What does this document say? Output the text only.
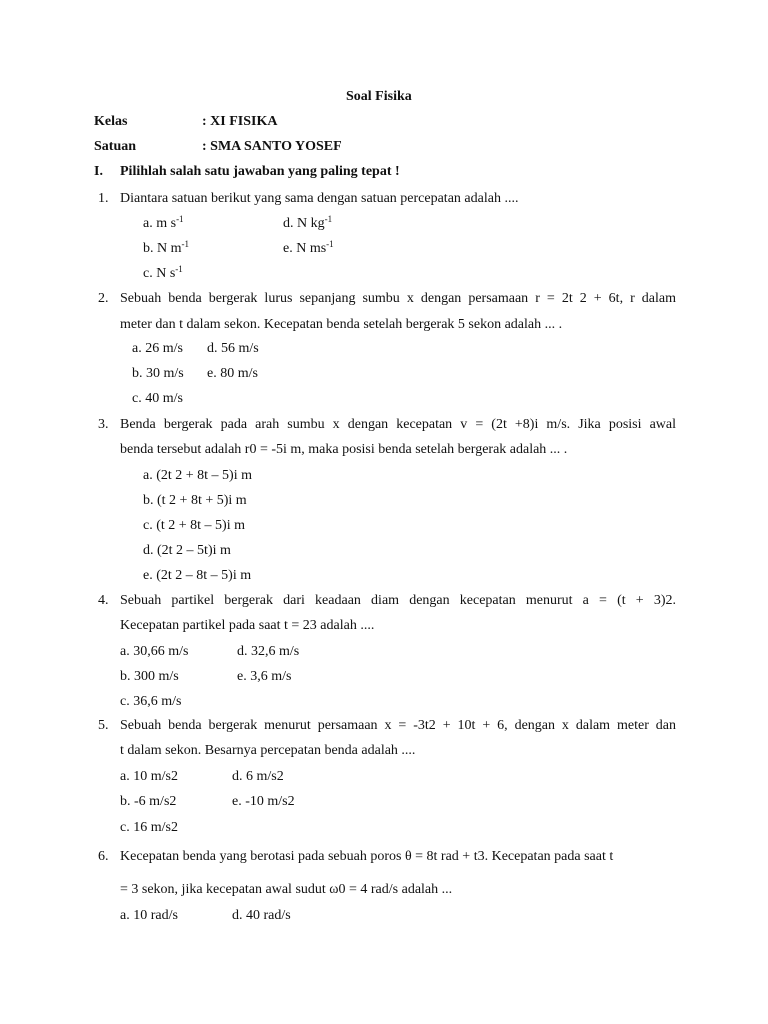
Soal Fisika
Kelas	: XI FISIKA
Satuan	: SMA SANTO YOSEF
I. Pilihlah salah satu jawaban yang paling tepat !
1. Diantara satuan berikut yang sama dengan satuan percepatan adalah ....
a. m $s^{-1}$	d. N $kg^{-1}$
b. N $m^{-1}$	e. N $ms^{-1}$
c. N $s^{-1}$
2. Sebuah benda bergerak lurus sepanjang sumbu x dengan persamaan r = 2t 2 + 6t, r dalam
meter dan t dalam sekon. Kecepatan benda setelah bergerak 5 sekon adalah ... .
a. 26 m/s d. 56 m/s
b. 30 m/s e. 80 m/s
c. 40 m/s
3. Benda bergerak pada arah sumbu x dengan kecepatan v = (2t +8)i m/s. Jika posisi awal
benda tersebut adalah r0 = -5i m, maka posisi benda setelah bergerak adalah ... .
a. (2t 2 + 8t – 5)i m
b. (t 2 + 8t + 5)i m
c. (t 2 + 8t – 5)i m
d. (2t 2 – 5t)i m
e. (2t 2 – 8t – 5)i m
4. Sebuah partikel bergerak dari keadaan diam dengan kecepatan menurut a = (t + 3)2.
Kecepatan partikel pada saat t = 23 adalah ....
a. 30,66 m/s	d. 32,6 m/s
b. 300 m/s	e. 3,6 m/s
c. 36,6 m/s
5. Sebuah benda bergerak menurut persamaan x = -3t2 + 10t + 6, dengan x dalam meter dan
t dalam sekon. Besarnya percepatan benda adalah ....
a. 10 m/s2	d. 6 m/s2
b. -6 m/s2	e. -10 m/s2
c. 16 m/s2
6. Kecepatan benda yang berotasi pada sebuah poros θ = 8t rad + t3. Kecepatan pada saat t
= 3 sekon, jika kecepatan awal sudut ω0 = 4 rad/s adalah ...
a. 10 rad/s	d. 40 rad/s
